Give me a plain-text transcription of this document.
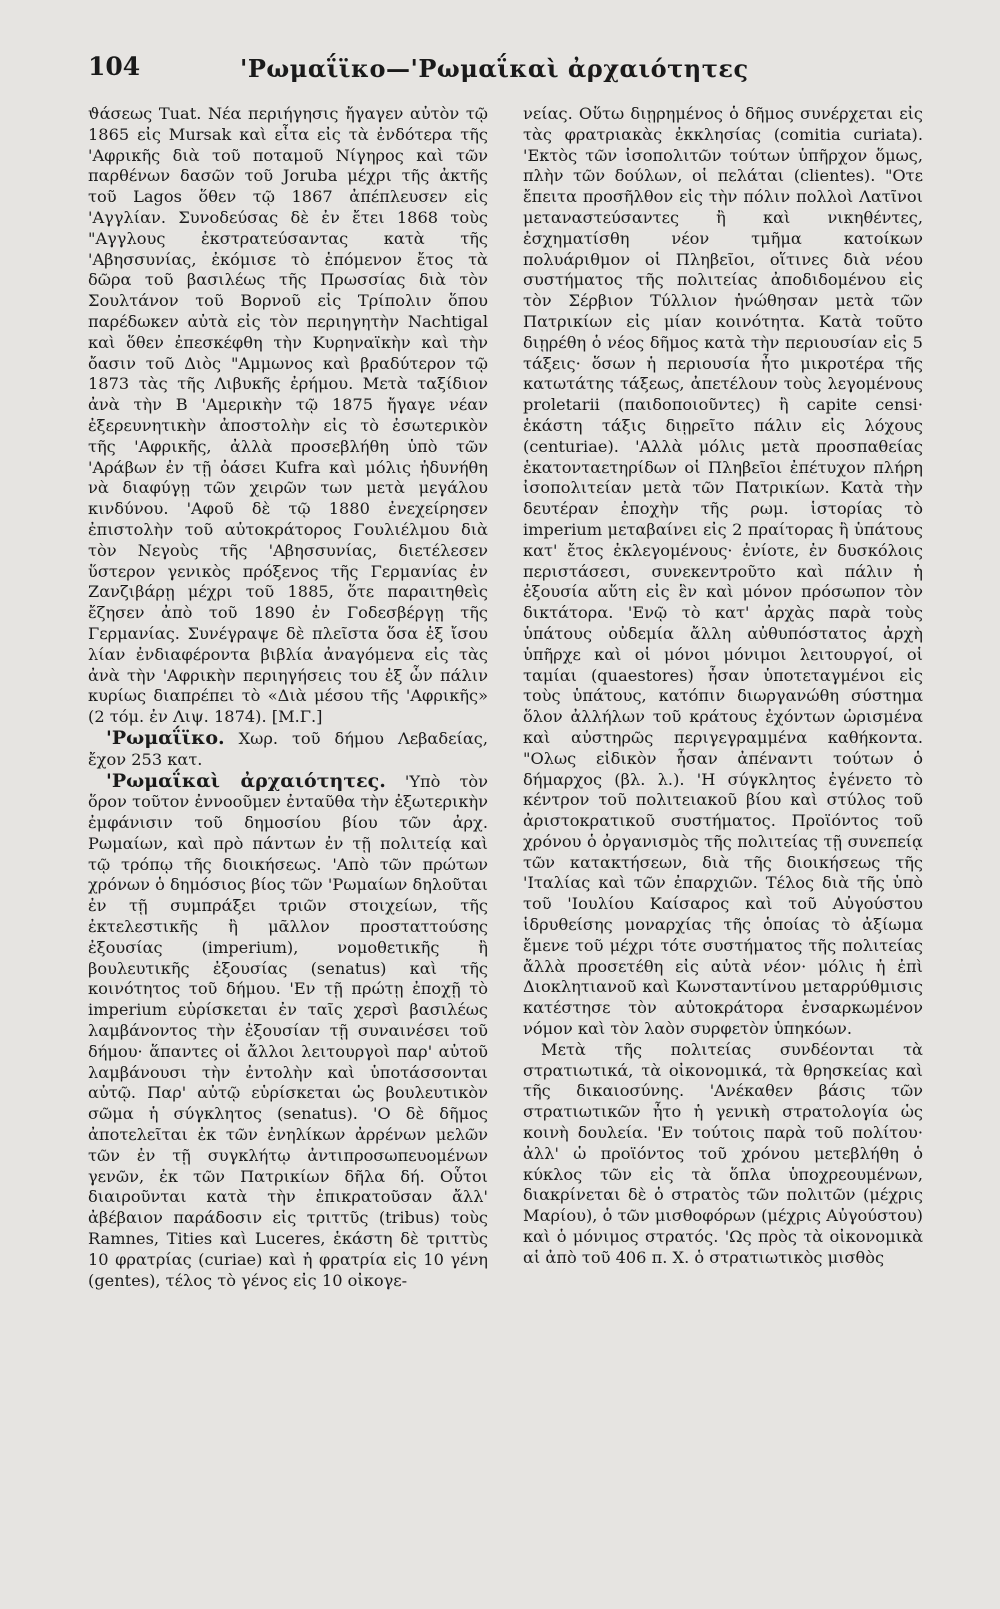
104	'Ρωμαΐϊκο—'Ρωμαΐκαὶ ἀρχαιότητες

ϑάσεως Tuat. Νέα περιήγησις ἤγαγεν αὐτὸν τῷ 1865 εἰς Mursak καὶ εἶτα εἰς τὰ ἐνδότερα τῆς 'Αφρικῆς διὰ τοῦ ποταμοῦ Νίγηρος καὶ τῶν παρθένων δασῶν τοῦ Joruba μέχρι τῆς ἀκτῆς τοῦ Lagos ὅθεν τῷ 1867 ἀπέπλευσεν εἰς 'Αγγλίαν. Συνοδεύσας δὲ ἐν ἔτει 1868 τοὺς "Αγγλους ἐκστρατεύσαντας κατὰ τῆς 'Αβησσυνίας, ἐκόμισε τὸ ἑπόμενον ἔτος τὰ δῶρα τοῦ βασιλέως τῆς Πρωσσίας διὰ τὸν Σουλτάνον τοῦ Βορνοῦ εἰς Τρίπολιν ὅπου παρέδωκεν αὐτὰ εἰς τὸν περιηγητὴν Nachtigal καὶ ὅθεν ἐπεσκέφθη τὴν Κυρηναϊκὴν καὶ τὴν ὄασιν τοῦ Διὸς "Αμμωνος καὶ βραδύτερον τῷ 1873 τὰς τῆς Λιβυκῆς ἐρήμου. Μετὰ ταξίδιον ἀνὰ τὴν Β 'Αμερικὴν τῷ 1875 ἤγαγε νέαν ἐξερευνητικὴν ἀποστολὴν εἰς τὸ ἐσωτερικὸν τῆς 'Αφρικῆς, ἀλλὰ προσεβλήθη ὑπὸ τῶν 'Αράβων ἐν τῇ ὀάσει Kufra καὶ μόλις ἠδυνήθη νὰ διαφύγῃ τῶν χειρῶν των μετὰ μεγάλου κινδύνου. 'Αφοῦ δὲ τῷ 1880 ἐνεχείρησεν ἐπιστολὴν τοῦ αὐτοκράτορος Γουλιέλμου διὰ τὸν Νεγοὺς τῆς 'Αβησσυνίας, διετέλεσεν ὕστερον γενικὸς πρόξενος τῆς Γερμανίας ἐν Ζανζιβάρῃ μέχρι τοῦ 1885, ὅτε παραιτηθεὶς ἔζησεν ἀπὸ τοῦ 1890 ἐν Γοδεσβέργῃ τῆς Γερμανίας. Συνέγραψε δὲ πλεῖστα ὅσα ἐξ ἴσου λίαν ἐνδιαφέροντα βιβλία ἀναγόμενα εἰς τὰς ἀνὰ τὴν 'Αφρικὴν περιηγήσεις του ἐξ ὧν πάλιν κυρίως διαπρέπει τὸ «Διὰ μέσου τῆς 'Αφρικῆς» (2 τόμ. ἐν Λιψ. 1874). [Μ.Γ.]

'Ρωμαΐϊκο. Χωρ. τοῦ δήμου Λεβαδείας, ἔχον 253 κατ.

'Ρωμαΐκαὶ ἀρχαιότητες. 'Υπὸ τὸν ὅρον τοῦτον ἐννοοῦμεν ἐνταῦθα τὴν ἐξωτερικὴν ἐμφάνισιν τοῦ δημοσίου βίου τῶν ἀρχ. Ρωμαίων, καὶ πρὸ πάντων ἐν τῇ πολιτείᾳ καὶ τῷ τρόπῳ τῆς διοικήσεως. 'Απὸ τῶν πρώτων χρόνων ὁ δημόσιος βίος τῶν 'Ρωμαίων δηλοῦται ἐν τῇ συμπράξει τριῶν στοιχείων, τῆς ἐκτελεστικῆς ἢ μᾶλλον προσταττούσης ἐξουσίας (imperium), νομοθετικῆς ἢ βουλευτικῆς ἐξουσίας (senatus) καὶ τῆς κοινότητος τοῦ δήμου. 'Εν τῇ πρώτῃ ἐποχῇ τὸ imperium εὑρίσκεται ἐν ταῖς χερσὶ βασιλέως λαμβάνοντος τὴν ἐξουσίαν τῇ συναινέσει τοῦ δήμου· ἅπαντες οἱ ἄλλοι λειτουργοὶ παρ' αὐτοῦ λαμβάνουσι τὴν ἐντολὴν καὶ ὑποτάσσονται αὐτῷ. Παρ' αὐτῷ εὑρίσκεται ὡς βουλευτικὸν σῶμα ἡ σύγκλητος (senatus). 'Ο δὲ δῆμος ἀποτελεῖται ἐκ τῶν ἐνηλίκων ἀρρένων μελῶν τῶν ἐν τῇ συγκλήτῳ ἀντιπροσωπευομένων γενῶν, ἐκ τῶν Πατρικίων δῆλα δή. Οὗτοι διαιροῦνται κατὰ τὴν ἐπικρατοῦσαν ἄλλ' ἀβέβαιον παράδοσιν εἰς τριττῦς (tribus) τοὺς Ramnes, Tities καὶ Luceres, ἑκάστη δὲ τριττὺς 10 φρατρίας (curiae) καὶ ἡ φρατρία εἰς 10 γένη (gentes), τέλος τὸ γένος εἰς 10 οἰκογε-

νείας. Οὕτω διῃρημένος ὁ δῆμος συνέρχεται εἰς τὰς φρατριακὰς ἐκκλησίας (comitia curiata). 'Εκτὸς τῶν ἰσοπολιτῶν τούτων ὑπῆρχον ὅμως, πλὴν τῶν δούλων, οἱ πελάται (clientes). "Οτε ἔπειτα προσῆλθον εἰς τὴν πόλιν πολλοὶ Λατῖνοι μεταναστεύσαντες ἢ καὶ νικηθέντες, ἐσχηματίσθη νέον τμῆμα κατοίκων πολυάριθμον οἱ Πληβεῖοι, οἵτινες διὰ νέου συστήματος τῆς πολιτείας ἀποδιδομένου εἰς τὸν Σέρβιον Τύλλιον ἡνώθησαν μετὰ τῶν Πατρικίων εἰς μίαν κοινότητα. Κατὰ τοῦτο διῃρέθη ὁ νέος δῆμος κατὰ τὴν περιουσίαν εἰς 5 τάξεις· ὅσων ἡ περιουσία ἦτο μικροτέρα τῆς κατωτάτης τάξεως, ἀπετέλουν τοὺς λεγομένους proletarii (παιδοποιοῦντες) ἢ capite censi· ἑκάστη τάξις διῃρεῖτο πάλιν εἰς λόχους (centuriae). 'Αλλὰ μόλις μετὰ προσπαθείας ἑκατονταετηρίδων οἱ Πληβεῖοι ἐπέτυχον πλήρη ἰσοπολιτείαν μετὰ τῶν Πατρικίων. Κατὰ τὴν δευτέραν ἐποχὴν τῆς ρωμ. ἱστορίας τὸ imperium μεταβαίνει εἰς 2 πραίτορας ἢ ὑπάτους κατ' ἔτος ἐκλεγομένους· ἐνίοτε, ἐν δυσκόλοις περιστάσεσι, συνεκεντροῦτο καὶ πάλιν ἡ ἐξουσία αὕτη εἰς ἓν καὶ μόνον πρόσωπον τὸν δικτάτορα. 'Ενῷ τὸ κατ' ἀρχὰς παρὰ τοὺς ὑπάτους οὐδεμία ἄλλη αὐθυπόστατος ἀρχὴ ὑπῆρχε καὶ οἱ μόνοι μόνιμοι λειτουργοί, οἱ ταμίαι (quaestores) ἦσαν ὑποτεταγμένοι εἰς τοὺς ὑπάτους, κατόπιν διωργανώθη σύστημα ὅλον ἀλλήλων τοῦ κράτους ἐχόντων ὡρισμένα καὶ αὐστηρῶς περιγεγραμμένα καθήκοντα. "Ολως εἰδικὸν ἦσαν ἀπέναντι τούτων ὁ δήμαρχος (βλ. λ.). 'Η σύγκλητος ἐγένετο τὸ κέντρον τοῦ πολιτειακοῦ βίου καὶ στύλος τοῦ ἀριστοκρατικοῦ συστήματος. Προϊόντος τοῦ χρόνου ὁ ὀργανισμὸς τῆς πολιτείας τῇ συνεπείᾳ τῶν κατακτήσεων, διὰ τῆς διοικήσεως τῆς 'Ιταλίας καὶ τῶν ἐπαρχιῶν. Τέλος διὰ τῆς ὑπὸ τοῦ 'Ιουλίου Καίσαρος καὶ τοῦ Αὐγούστου ἱδρυθείσης μοναρχίας τῆς ὁποίας τὸ ἀξίωμα ἔμενε τοῦ μέχρι τότε συστήματος τῆς πολιτείας ἄλλὰ προσετέθη εἰς αὐτὰ νέον· μόλις ἡ ἐπὶ Διοκλητιανοῦ καὶ Κωνσταντίνου μεταρρύθμισις κατέστησε τὸν αὐτοκράτορα ἐνσαρκωμένον νόμον καὶ τὸν λαὸν συρφετὸν ὑπηκόων.

Μετὰ τῆς πολιτείας συνδέονται τὰ στρατιωτικά, τὰ οἰκονομικά, τὰ θρησκείας καὶ τῆς δικαιοσύνης. 'Ανέκαθεν βάσις τῶν στρατιωτικῶν ἦτο ἡ γενικὴ στρατολογία ὡς κοινὴ δουλεία. 'Εν τούτοις παρὰ τοῦ πολίτου· ἀλλ' ὡ προϊόντος τοῦ χρόνου μετεβλήθη ὁ κύκλος τῶν εἰς τὰ ὅπλα ὑποχρεουμένων, διακρίνεται δὲ ὁ στρατὸς τῶν πολιτῶν (μέχρις Μαρίου), ὁ τῶν μισθοφόρων (μέχρις Αὐγούστου) καὶ ὁ μόνιμος στρατός. 'Ως πρὸς τὰ οἰκονομικὰ αἱ ἀπὸ τοῦ 406 π. Χ. ὁ στρατιωτικὸς μισθὸς
